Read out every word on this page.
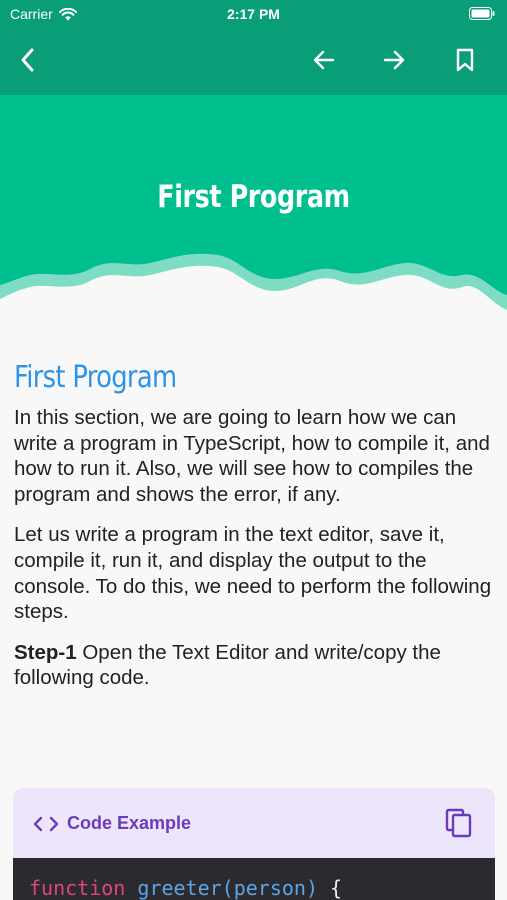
Carrier	2:17 PM
First Program
First Program

In this section, we are going to learn how we can write a program in TypeScript, how to compile it, and how to run it. Also, we will see how to compiles the program and shows the error, if any.

Let us write a program in the text editor, save it, compile it, run it, and display the output to the console. To do this, we need to perform the following steps.

Step-1 Open the Text Editor and write/copy the following code.

Code Example
function greeter(person) {
